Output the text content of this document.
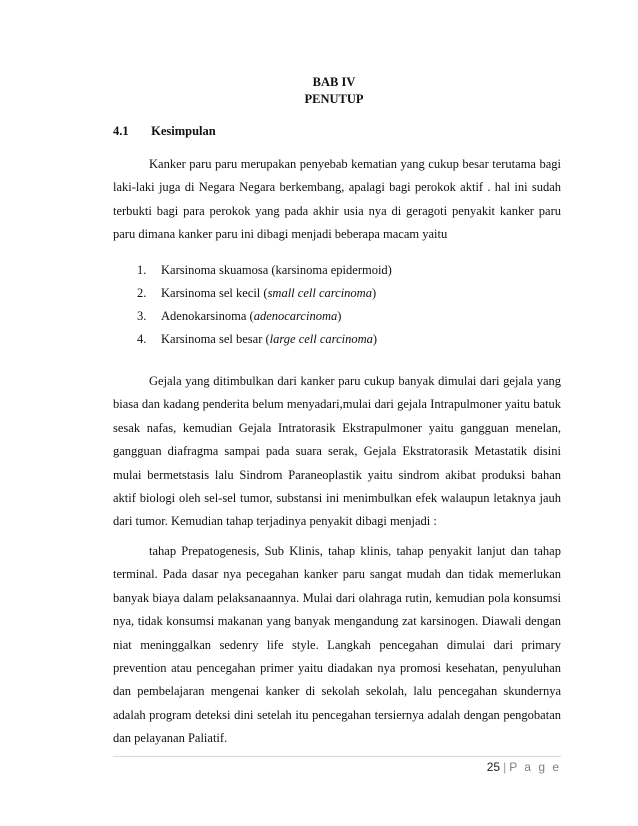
BAB IV
PENUTUP
4.1 Kesimpulan

Kanker paru paru merupakan penyebab kematian yang cukup besar terutama bagi laki-laki juga di Negara Negara berkembang, apalagi bagi perokok aktif . hal ini sudah terbukti bagi para perokok yang pada akhir usia nya di geragoti penyakit kanker paru paru dimana kanker paru ini dibagi menjadi beberapa macam yaitu

1. Karsinoma skuamosa (karsinoma epidermoid)
2. Karsinoma sel kecil (small cell carcinoma)
3. Adenokarsinoma (adenocarcinoma)
4. Karsinoma sel besar (large cell carcinoma)

Gejala yang ditimbulkan dari kanker paru cukup banyak dimulai dari gejala yang biasa dan kadang penderita belum menyadari,mulai dari gejala Intrapulmoner yaitu batuk sesak nafas, kemudian Gejala Intratorasik Ekstrapulmoner yaitu gangguan menelan, gangguan diafragma sampai pada suara serak, Gejala Ekstratorasik Metastatik disini mulai bermetstasis lalu Sindrom Paraneoplastik yaitu sindrom akibat produksi bahan aktif biologi oleh sel-sel tumor, substansi ini menimbulkan efek walaupun letaknya jauh dari tumor. Kemudian tahap terjadinya penyakit dibagi menjadi :

tahap Prepatogenesis, Sub Klinis, tahap klinis, tahap penyakit lanjut dan tahap terminal. Pada dasar nya pecegahan kanker paru sangat mudah dan tidak memerlukan banyak biaya dalam pelaksanaannya. Mulai dari olahraga rutin, kemudian pola konsumsi nya, tidak konsumsi makanan yang banyak mengandung zat karsinogen. Diawali dengan niat meninggalkan sedenry life style. Langkah pencegahan dimulai dari primary prevention atau pencegahan primer yaitu diadakan nya promosi kesehatan, penyuluhan dan pembelajaran mengenai kanker di sekolah sekolah, lalu pencegahan skundernya adalah program deteksi dini setelah itu pencegahan tersiernya adalah dengan pengobatan dan pelayanan Paliatif.

25 | P a g e
